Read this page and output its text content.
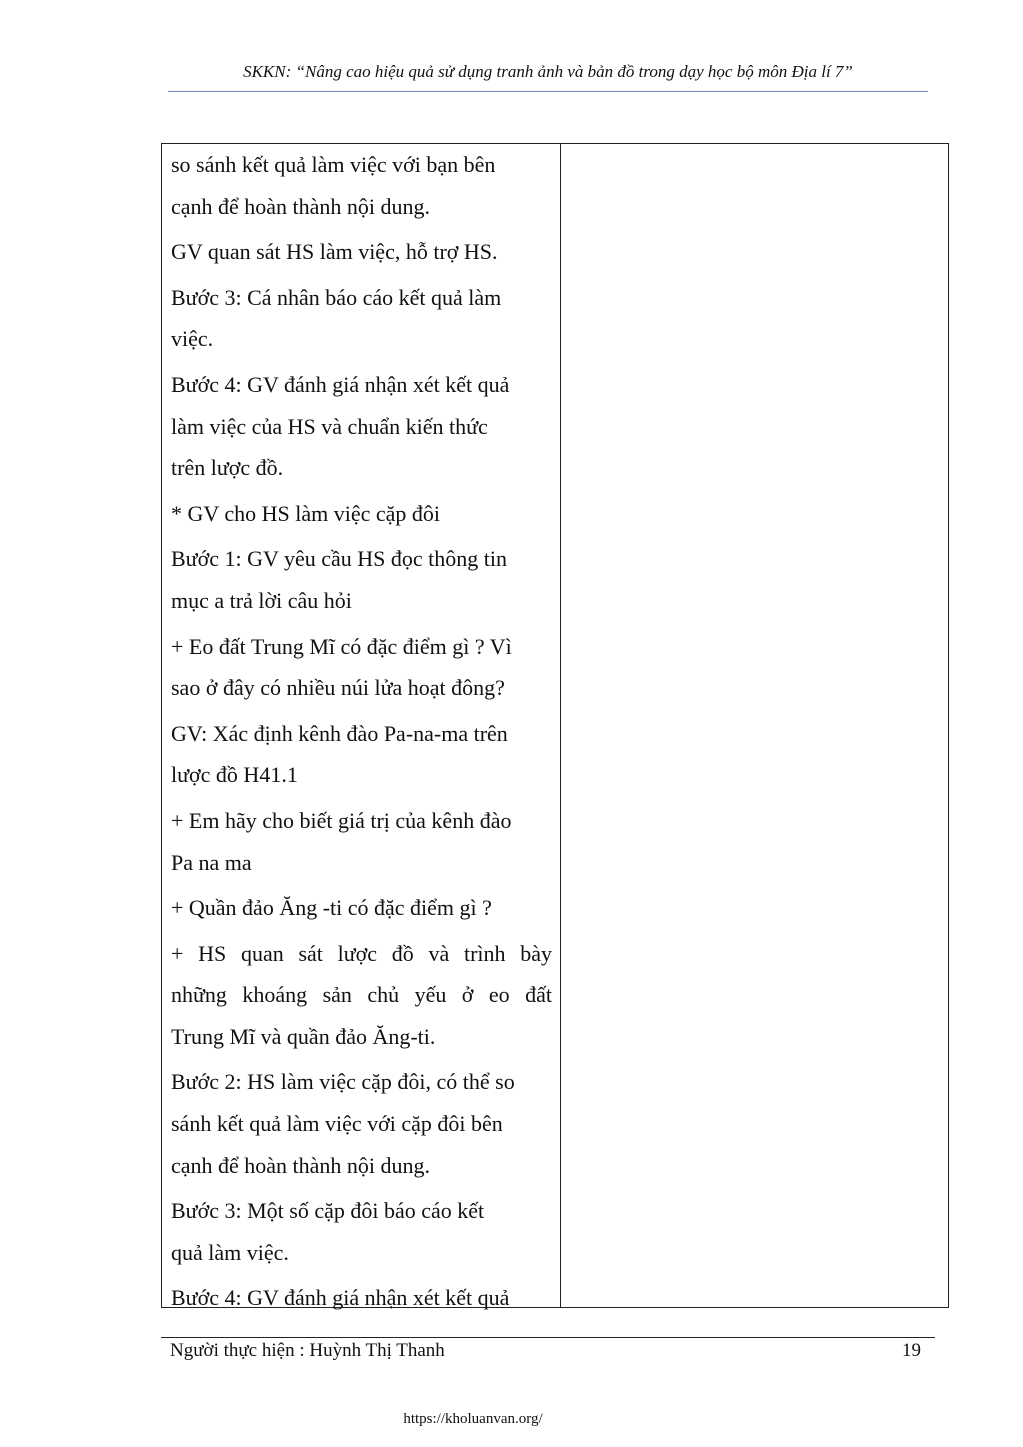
SKKN: “Nâng cao hiệu quả sử dụng tranh ảnh và bản đồ trong dạy học bộ môn Địa lí 7”
so sánh kết quả làm việc với bạn bên
cạnh để hoàn thành nội dung.
GV quan sát HS làm việc, hỗ trợ HS.
Bước 3: Cá nhân báo cáo kết quả làm
việc.
Bước 4: GV đánh giá nhận xét kết quả
làm việc của HS và chuẩn kiến thức
trên lược đồ.
* GV cho HS làm việc cặp đôi
Bước 1: GV yêu cầu HS đọc thông tin
mục a trả lời câu hỏi
+ Eo đất Trung Mĩ có đặc điểm gì ? Vì
sao ở đây có nhiều núi lửa hoạt đông?
GV: Xác định kênh đào Pa-na-ma trên
lược đồ H41.1
+ Em hãy cho biết giá trị của kênh đào
Pa na ma
+ Quần đảo Ăng -ti có đặc điểm gì ?
+ HS quan sát lược đồ và trình bày
những khoáng sản chủ yếu ở eo đất
Trung Mĩ và quần đảo Ăng-ti.
Bước 2: HS làm việc cặp đôi, có thể so
sánh kết quả làm việc với cặp đôi bên
cạnh để hoàn thành nội dung.
Bước 3: Một số cặp đôi báo cáo kết
quả làm việc.
Bước 4: GV đánh giá nhận xét kết quả
Người thực hiện : Huỳnh Thị Thanh	19
https://kholuanvan.org/
